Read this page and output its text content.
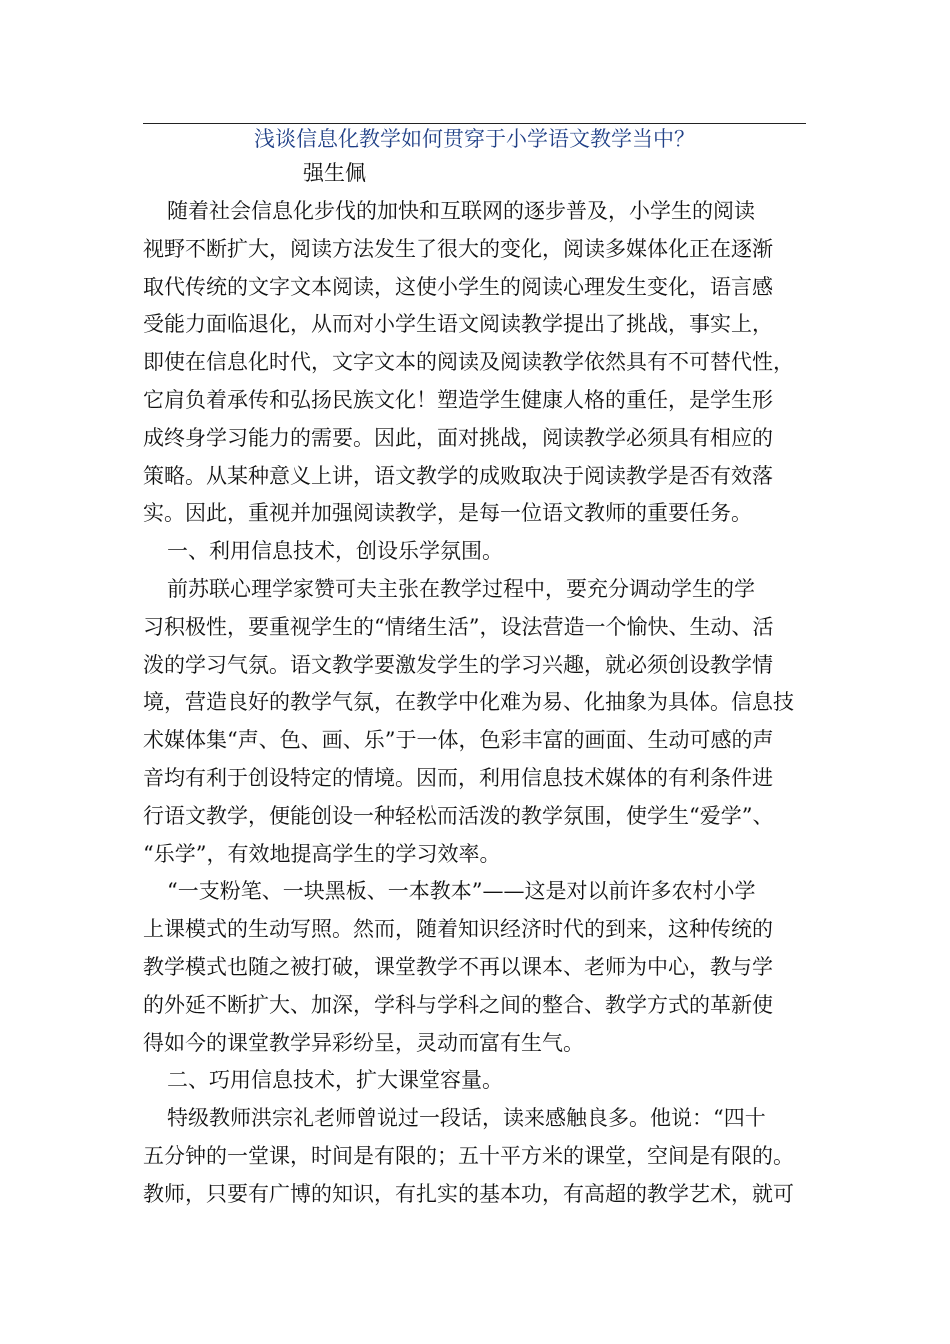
浅谈信息化教学如何贯穿于小学语文教学当中？
强生佩
随着社会信息化步伐的加快和互联网的逐步普及，小学生的阅读
视野不断扩大，阅读方法发生了很大的变化，阅读多媒体化正在逐渐
取代传统的文字文本阅读，这使小学生的阅读心理发生变化，语言感
受能力面临退化，从而对小学生语文阅读教学提出了挑战，事实上，
即使在信息化时代，文字文本的阅读及阅读教学依然具有不可替代性，
它肩负着承传和弘扬民族文化！塑造学生健康人格的重任，是学生形
成终身学习能力的需要。因此，面对挑战，阅读教学必须具有相应的
策略。从某种意义上讲，语文教学的成败取决于阅读教学是否有效落
实。因此，重视并加强阅读教学，是每一位语文教师的重要任务。
一、利用信息技术，创设乐学氛围。
前苏联心理学家赞可夫主张在教学过程中，要充分调动学生的学
习积极性，要重视学生的“情绪生活”，设法营造一个愉快、生动、活
泼的学习气氛。语文教学要激发学生的学习兴趣，就必须创设教学情
境，营造良好的教学气氛，在教学中化难为易、化抽象为具体。信息技
术媒体集“声、色、画、乐”于一体，色彩丰富的画面、生动可感的声
音均有利于创设特定的情境。因而，利用信息技术媒体的有利条件进
行语文教学，便能创设一种轻松而活泼的教学氛围，使学生“爱学”、
“乐学”，有效地提高学生的学习效率。
“一支粉笔、一块黑板、一本教本”——这是对以前许多农村小学
上课模式的生动写照。然而，随着知识经济时代的到来，这种传统的
教学模式也随之被打破，课堂教学不再以课本、老师为中心，教与学
的外延不断扩大、加深，学科与学科之间的整合、教学方式的革新使
得如今的课堂教学异彩纷呈，灵动而富有生气。
二、巧用信息技术，扩大课堂容量。
特级教师洪宗礼老师曾说过一段话，读来感触良多。他说：“四十
五分钟的一堂课，时间是有限的；五十平方米的课堂，空间是有限的。
教师，只要有广博的知识，有扎实的基本功，有高超的教学艺术，就可
